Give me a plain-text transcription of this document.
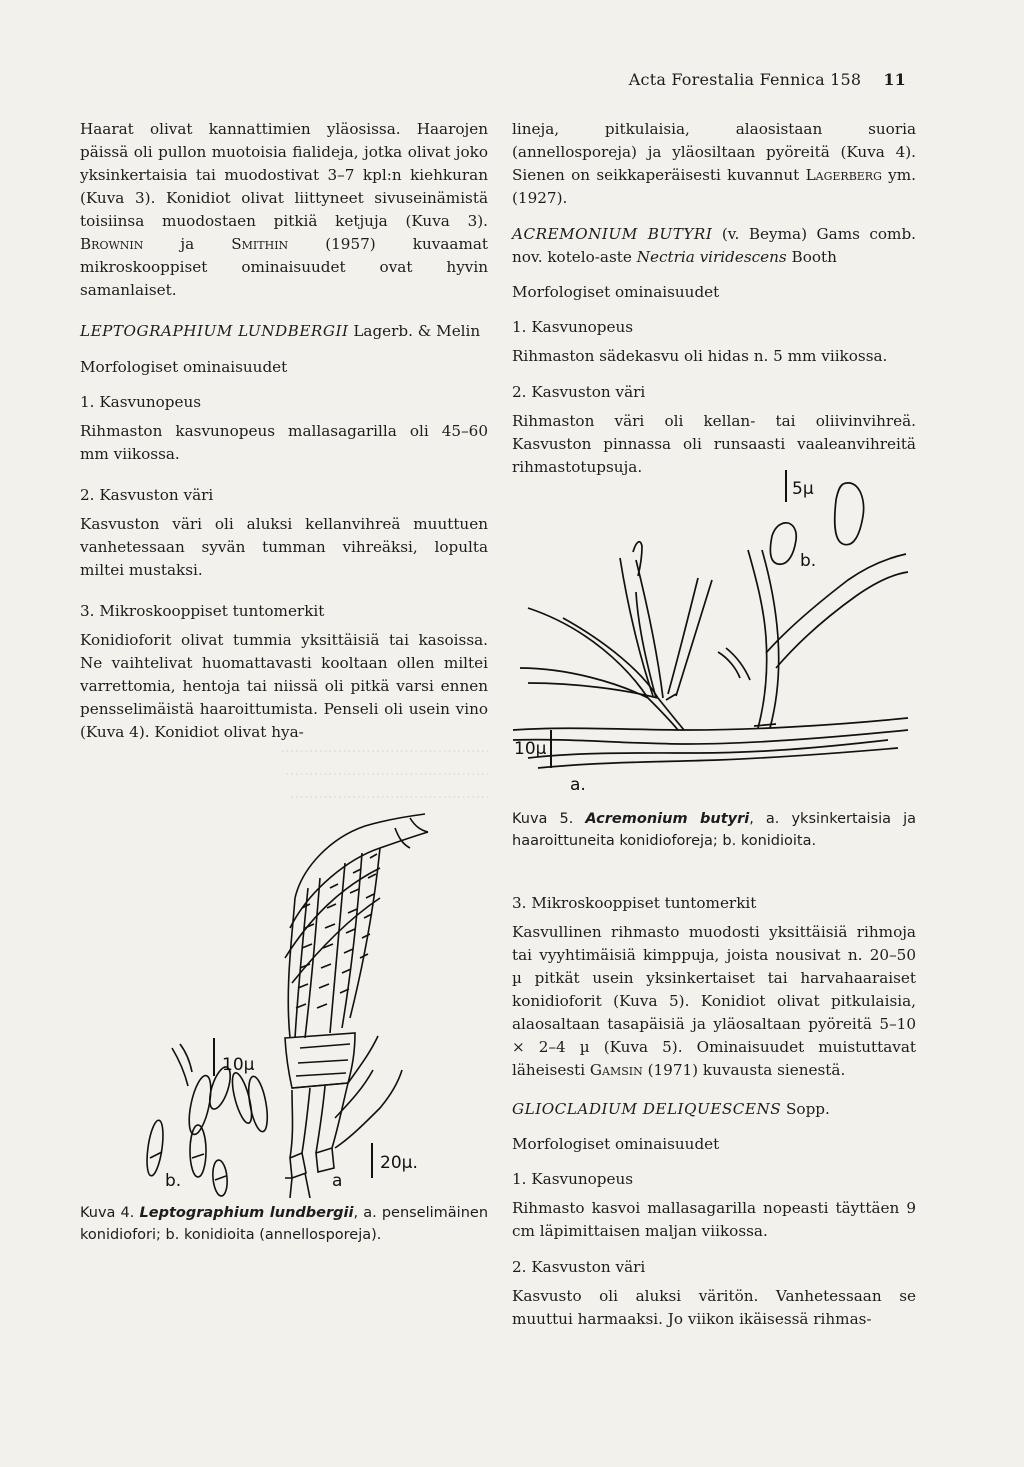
············································
···········································
··········································
Acta Forestalia Fennica 158 11

Haarat olivat kannattimien yläosissa. Haarojen päissä oli pullon muotoisia fialideja, jotka olivat joko yksinkertaisia tai muodostivat 3–7 kpl:n kiehkuran (Kuva 3). Konidiot olivat liittyneet sivuseinämistä toisiinsa muodostaen pitkiä ketjuja (Kuva 3). Brownin ja Smithin (1957) kuvaamat mikroskooppiset ominaisuudet ovat hyvin samanlaiset.

LEPTOGRAPHIUM LUNDBERGII Lagerb. & Melin

Morfologiset ominaisuudet

1. Kasvunopeus

Rihmaston kasvunopeus mallasagarilla oli 45–60 mm viikossa.

2. Kasvuston väri

Kasvuston väri oli aluksi kellanvihreä muuttuen vanhetessaan syvän tumman vihreäksi, lopulta miltei mustaksi.

3. Mikroskooppiset tuntomerkit

Konidioforit olivat tummia yksittäisiä tai kasoissa. Ne vaihtelivat huomattavasti kooltaan ollen miltei varrettomia, hentoja tai niissä oli pitkä varsi ennen pensselimäistä haaroittumista. Penseli oli usein vino (Kuva 4). Konidiot olivat hya-

10µ
20µ.
b.	a
Kuva 4. Leptographium lundbergii, a. penselimäinen konidiofori; b. konidioita (annellosporeja).

lineja, pitkulaisia, alaosistaan suoria (annellosporeja) ja yläosiltaan pyöreitä (Kuva 4). Sienen on seikkaperäisesti kuvannut Lagerberg ym. (1927).

ACREMONIUM BUTYRI (v. Beyma) Gams comb. nov. kotelo-aste Nectria viridescens Booth

Morfologiset ominaisuudet

1. Kasvunopeus

Rihmaston sädekasvu oli hidas n. 5 mm viikossa.

2. Kasvuston väri

Rihmaston väri oli kellan- tai oliivinvihreä. Kasvuston pinnassa oli runsaasti vaaleanvihreitä rihmastotupsuja.

5µ
10µ
b.
a.
Kuva 5. Acremonium butyri, a. yksinkertaisia ja haaroittuneita konidioforeja; b. konidioita.

3. Mikroskooppiset tuntomerkit

Kasvullinen rihmasto muodosti yksittäisiä rihmoja tai vyyhtimäisiä kimppuja, joista nousivat n. 20–50 µ pitkät usein yksinkertaiset tai harvahaaraiset konidioforit (Kuva 5). Konidiot olivat pitkulaisia, alaosaltaan tasapäisiä ja yläosaltaan pyöreitä 5–10 × 2–4 µ (Kuva 5). Ominaisuudet muistuttavat läheisesti Gamsin (1971) kuvausta sienestä.

GLIOCLADIUM DELIQUESCENS Sopp.

Morfologiset ominaisuudet

1. Kasvunopeus

Rihmasto kasvoi mallasagarilla nopeasti täyttäen 9 cm läpimittaisen maljan viikossa.

2. Kasvuston väri

Kasvusto oli aluksi väritön. Vanhetessaan se muuttui harmaaksi. Jo viikon ikäisessä rihmas-
